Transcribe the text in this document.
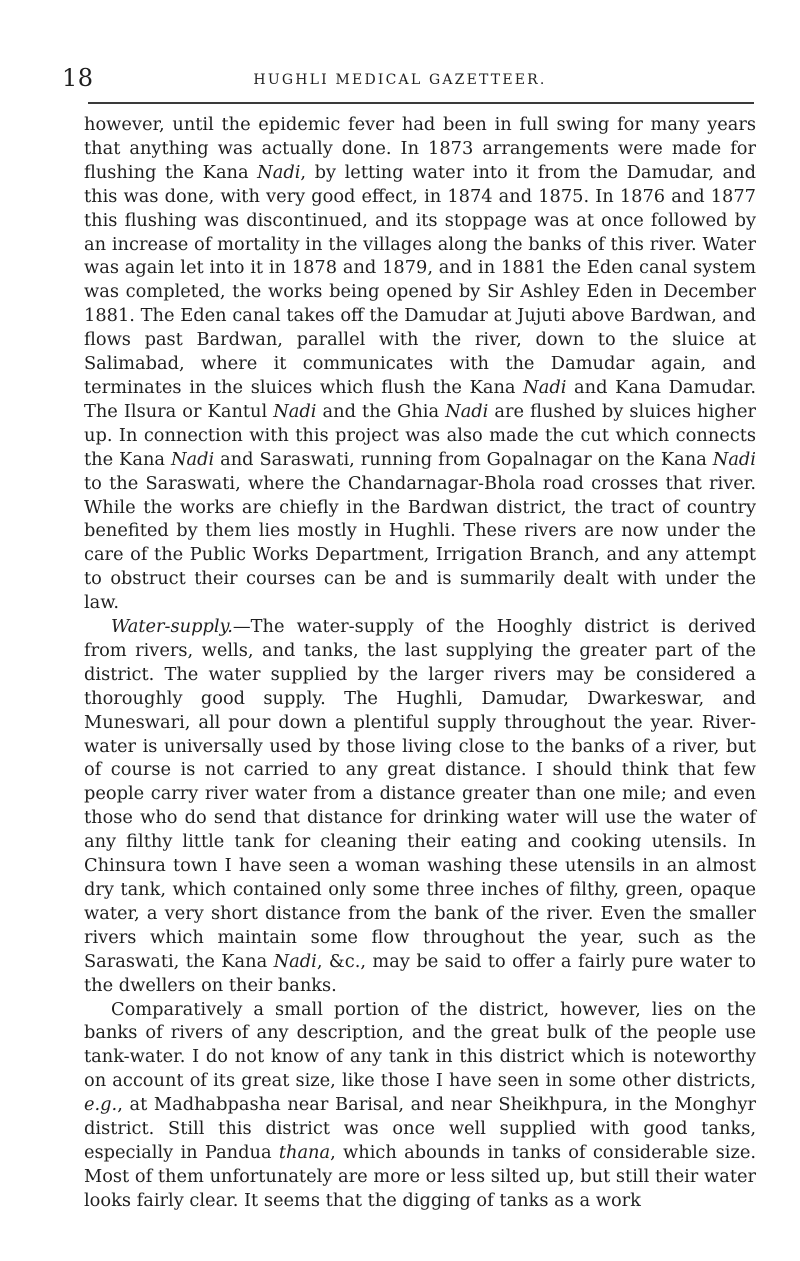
18	HUGHLI MEDICAL GAZETTEER.

however, until the epidemic fever had been in full swing for many years that anything was actually done. In 1873 arrangements were made for flushing the Kana Nadi, by letting water into it from the Damudar, and this was done, with very good effect, in 1874 and 1875. In 1876 and 1877 this flushing was discontinued, and its stoppage was at once followed by an increase of mortality in the villages along the banks of this river. Water was again let into it in 1878 and 1879, and in 1881 the Eden canal system was completed, the works being opened by Sir Ashley Eden in December 1881. The Eden canal takes off the Damudar at Jujuti above Bardwan, and flows past Bardwan, parallel with the river, down to the sluice at Salimabad, where it communicates with the Damudar again, and terminates in the sluices which flush the Kana Nadi and Kana Damudar. The Ilsura or Kantul Nadi and the Ghia Nadi are flushed by sluices higher up. In connection with this project was also made the cut which connects the Kana Nadi and Saraswati, running from Gopalnagar on the Kana Nadi to the Saraswati, where the Chandarnagar-Bhola road crosses that river. While the works are chiefly in the Bardwan district, the tract of country benefited by them lies mostly in Hughli. These rivers are now under the care of the Public Works Department, Irrigation Branch, and any attempt to obstruct their courses can be and is summarily dealt with under the law.

Water-supply.—The water-supply of the Hooghly district is derived from rivers, wells, and tanks, the last supplying the greater part of the district. The water supplied by the larger rivers may be considered a thoroughly good supply. The Hughli, Damudar, Dwarkeswar, and Muneswari, all pour down a plentiful supply throughout the year. River-water is universally used by those living close to the banks of a river, but of course is not carried to any great distance. I should think that few people carry river water from a distance greater than one mile; and even those who do send that distance for drinking water will use the water of any filthy little tank for cleaning their eating and cooking utensils. In Chinsura town I have seen a woman washing these utensils in an almost dry tank, which contained only some three inches of filthy, green, opaque water, a very short distance from the bank of the river. Even the smaller rivers which maintain some flow throughout the year, such as the Saraswati, the Kana Nadi, &c., may be said to offer a fairly pure water to the dwellers on their banks.

Comparatively a small portion of the district, however, lies on the banks of rivers of any description, and the great bulk of the people use tank-water. I do not know of any tank in this district which is noteworthy on account of its great size, like those I have seen in some other districts, e.g., at Madhabpasha near Barisal, and near Sheikhpura, in the Monghyr district. Still this district was once well supplied with good tanks, especially in Pandua thana, which abounds in tanks of considerable size. Most of them unfortunately are more or less silted up, but still their water looks fairly clear. It seems that the digging of tanks as a work
